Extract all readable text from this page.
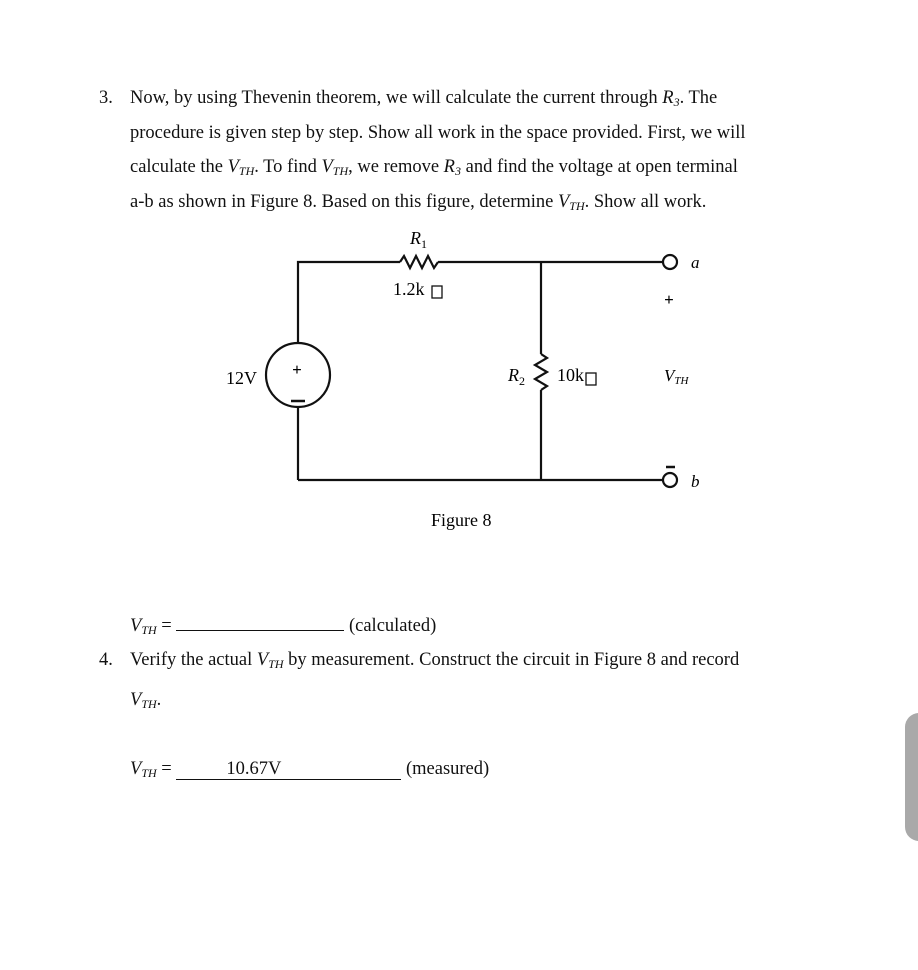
3. Now, by using Thevenin theorem, we will calculate the current through $R_3$. The
procedure is given step by step. Show all work in the space provided. First, we will
calculate the $V_{TH}$. To find $V_{TH}$, we remove $R_3$ and find the voltage at open terminal
a-b as shown in Figure 8. Based on this figure, determine $V_{TH}$. Show all work.
+
+
$R_1$
1.2k
12V	$R_2$ 10k
a
b
VTH
Figure 8
$V_{TH}$ =	(calculated)
4. Verify the actual $V_{TH}$ by measurement. Construct the circuit in Figure 8 and record
$V_{TH}$.
$V_{TH}$ =	10.67V	(measured)
